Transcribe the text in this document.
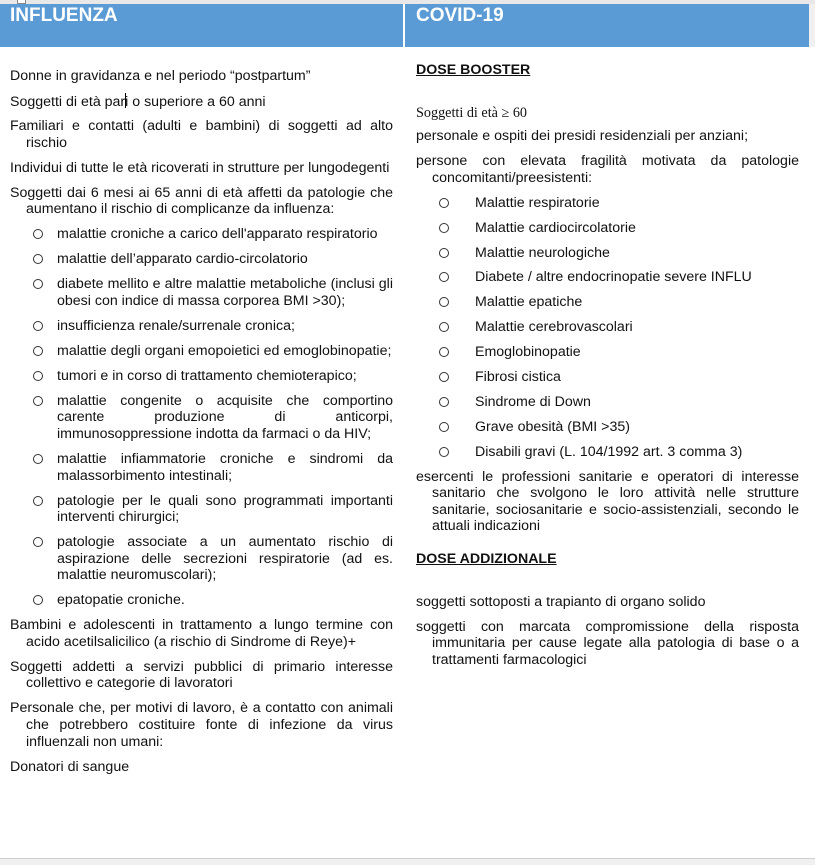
INFLUENZA	COVID-19

Donne in gravidanza e nel periodo “postpartum”

Soggetti di età pari o superiore a 60 anni

Familiari e contatti (adulti e bambini) di soggetti ad alto rischio

Individui di tutte le età ricoverati in strutture per lungodegenti

Soggetti dai 6 mesi ai 65 anni di età affetti da patologie che aumentano il rischio di complicanze da influenza:

malattie croniche a carico dell'apparato respiratorio
malattie dell’apparato cardio-circolatorio
diabete mellito e altre malattie metaboliche (inclusi gli obesi con indice di massa corporea BMI >30);
insufficienza renale/surrenale cronica;
malattie degli organi emopoietici ed emoglobinopatie;
tumori e in corso di trattamento chemioterapico;
malattie congenite o acquisite che comportino carente produzione di anticorpi, immunosoppressione indotta da farmaci o da HIV;
malattie infiammatorie croniche e sindromi da malassorbimento intestinali;
patologie per le quali sono programmati importanti interventi chirurgici;
patologie associate a un aumentato rischio di aspirazione delle secrezioni respiratorie (ad es. malattie neuromuscolari);
epatopatie croniche.

Bambini e adolescenti in trattamento a lungo termine con acido acetilsalicilico (a rischio di Sindrome di Reye)+

Soggetti addetti a servizi pubblici di primario interesse collettivo e categorie di lavoratori

Personale che, per motivi di lavoro, è a contatto con animali che potrebbero costituire fonte di infezione da virus influenzali non umani:

Donatori di sangue

DOSE BOOSTER

Soggetti di età ≥ 60

personale e ospiti dei presidi residenziali per anziani;

persone con elevata fragilità motivata da patologie concomitanti/preesistenti:

Malattie respiratorie
Malattie cardiocircolatorie
Malattie neurologiche
Diabete / altre endocrinopatie severe INFLU
Malattie epatiche
Malattie cerebrovascolari
Emoglobinopatie
Fibrosi cistica
Sindrome di Down
Grave obesità (BMI >35)
Disabili gravi (L. 104/1992 art. 3 comma 3)

esercenti le professioni sanitarie e operatori di interesse sanitario che svolgono le loro attività nelle strutture sanitarie, sociosanitarie e socio-assistenziali, secondo le attuali indicazioni

DOSE ADDIZIONALE

soggetti sottoposti a trapianto di organo solido

soggetti con marcata compromissione della risposta immunitaria per cause legate alla patologia di base o a trattamenti farmacologici
